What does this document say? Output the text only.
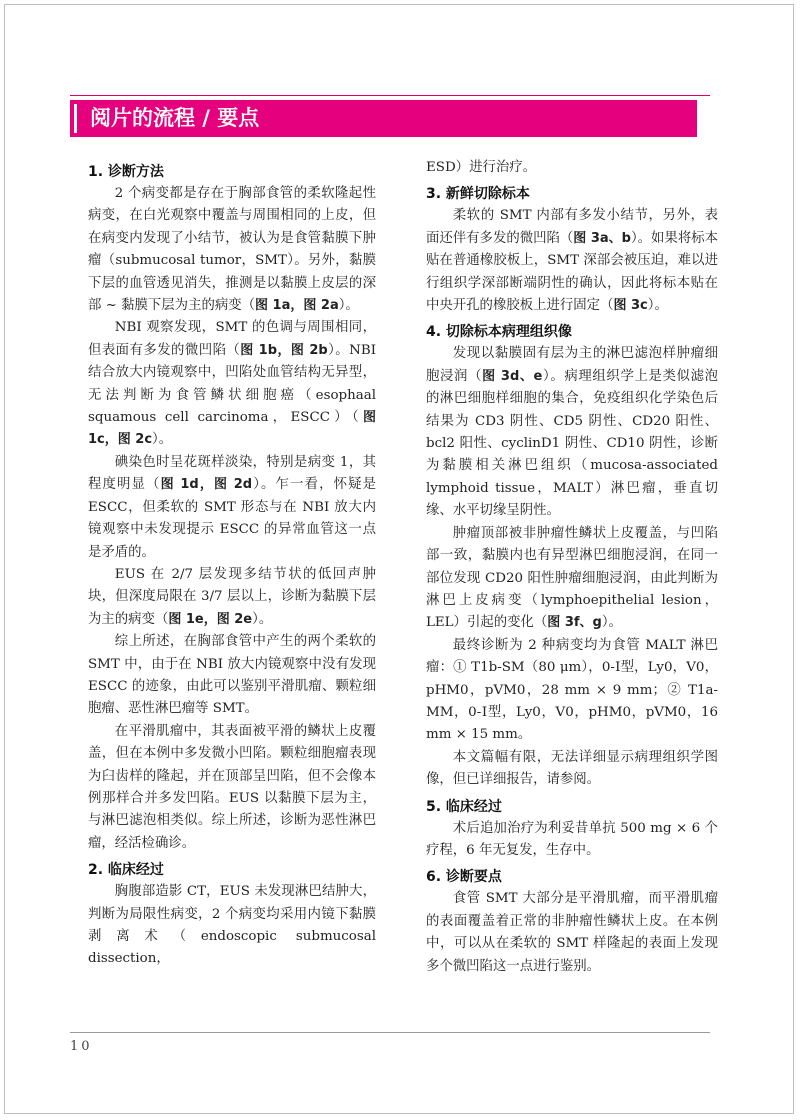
阅片的流程 / 要点
1. 诊断方法

2 个病变都是存在于胸部食管的柔软隆起性病变，在白光观察中覆盖与周围相同的上皮，但在病变内发现了小结节，被认为是食管黏膜下肿瘤（submucosal tumor，SMT）。另外，黏膜下层的血管透见消失，推测是以黏膜上皮层的深部 ~ 黏膜下层为主的病变（图 1a，图 2a）。

NBI 观察发现，SMT 的色调与周围相同，但表面有多发的微凹陷（图 1b，图 2b）。NBI 结合放大内镜观察中，凹陷处血管结构无异型，无法判断为食管鳞状细胞癌（esophaal squamous cell carcinoma，ESCC）（图 1c，图 2c）。

碘染色时呈花斑样淡染，特别是病变 1，其程度明显（图 1d，图 2d）。乍一看，怀疑是 ESCC，但柔软的 SMT 形态与在 NBI 放大内镜观察中未发现提示 ESCC 的异常血管这一点是矛盾的。

EUS 在 2/7 层发现多结节状的低回声肿块，但深度局限在 3/7 层以上，诊断为黏膜下层为主的病变（图 1e，图 2e）。

综上所述，在胸部食管中产生的两个柔软的 SMT 中，由于在 NBI 放大内镜观察中没有发现 ESCC 的迹象，由此可以鉴别平滑肌瘤、颗粒细胞瘤、恶性淋巴瘤等 SMT。

在平滑肌瘤中，其表面被平滑的鳞状上皮覆盖，但在本例中多发微小凹陷。颗粒细胞瘤表现为臼齿样的隆起，并在顶部呈凹陷，但不会像本例那样合并多发凹陷。EUS 以黏膜下层为主，与淋巴滤泡相类似。综上所述，诊断为恶性淋巴瘤，经活检确诊。

2. 临床经过

胸腹部造影 CT，EUS 未发现淋巴结肿大，判断为局限性病变，2 个病变均采用内镜下黏膜剥离术（endoscopic submucosal dissection，

ESD）进行治疗。

3. 新鲜切除标本

柔软的 SMT 内部有多发小结节，另外，表面还伴有多发的微凹陷（图 3a、b）。如果将标本贴在普通橡胶板上，SMT 深部会被压迫，难以进行组织学深部断端阴性的确认，因此将标本贴在中央开孔的橡胶板上进行固定（图 3c）。

4. 切除标本病理组织像

发现以黏膜固有层为主的淋巴滤泡样肿瘤细胞浸润（图 3d、e）。病理组织学上是类似滤泡的淋巴细胞样细胞的集合，免疫组织化学染色后结果为 CD3 阴性、CD5 阴性、CD20 阳性、bcl2 阳性、cyclinD1 阴性、CD10 阴性，诊断为黏膜相关淋巴组织（mucosa-associated lymphoid tissue，MALT）淋巴瘤，垂直切缘、水平切缘呈阴性。

肿瘤顶部被非肿瘤性鳞状上皮覆盖，与凹陷部一致，黏膜内也有异型淋巴细胞浸润，在同一部位发现 CD20 阳性肿瘤细胞浸润，由此判断为淋巴上皮病变（lymphoepithelial lesion，LEL）引起的变化（图 3f、g）。

最终诊断为 2 种病变均为食管 MALT 淋巴瘤：① T1b-SM（80 μm），0-Ⅰ型，Ly0，V0，pHM0，pVM0，28 mm × 9 mm；② T1a-MM，0-Ⅰ型，Ly0，V0，pHM0，pVM0，16 mm × 15 mm。

本文篇幅有限，无法详细显示病理组织学图像，但已详细报告，请参阅。

5. 临床经过

术后追加治疗为利妥昔单抗 500 mg × 6 个疗程，6 年无复发，生存中。

6. 诊断要点

食管 SMT 大部分是平滑肌瘤，而平滑肌瘤的表面覆盖着正常的非肿瘤性鳞状上皮。在本例中，可以从在柔软的 SMT 样隆起的表面上发现多个微凹陷这一点进行鉴别。

10
